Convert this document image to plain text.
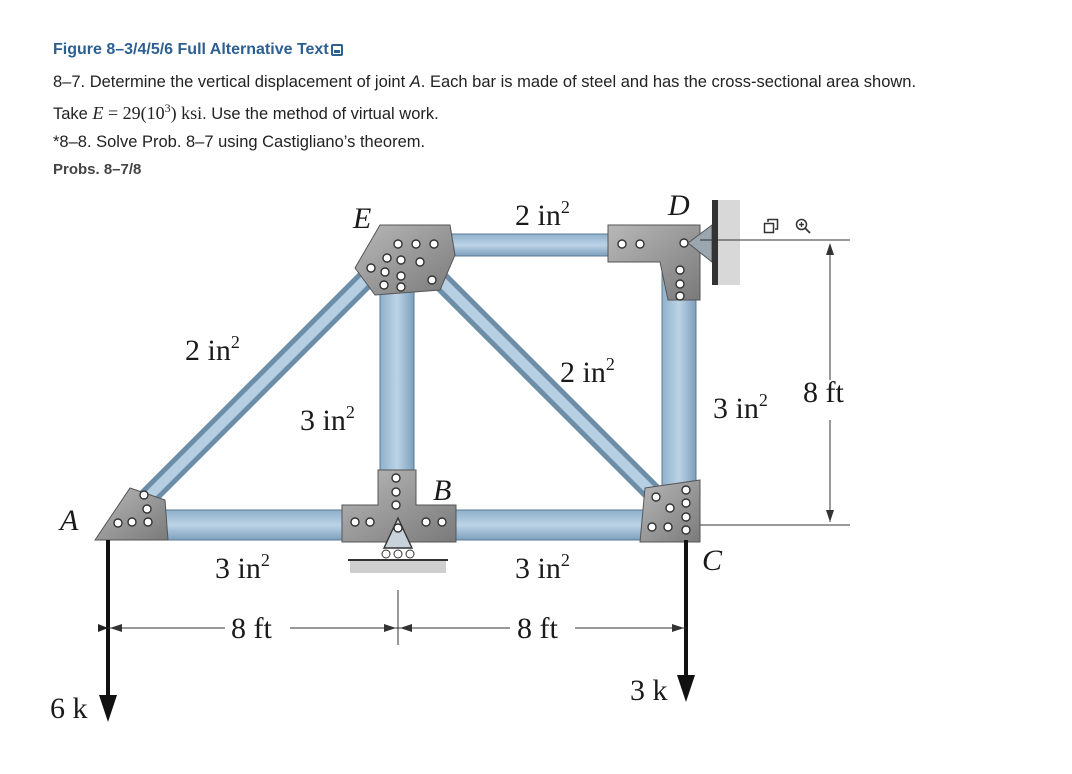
Figure 8–3/4/5/6 Full Alternative Text

8–7. Determine the vertical displacement of joint A. Each bar is made of steel and has the cross-sectional area shown.
Take $E = 29(10^3)$ ksi. Use the method of virtual work.

*8–8. Solve Prob. 8–7 using Castigliano’s theorem.

Probs. 8–7/8

E	D
A
B
C
2 $in^2$
2 $in^2$
3 $in^2$
2 $in^2$
3 $in^2$
3 $in^2$	3 $in^2$
8 ft	8 ft
8 ft
6 k
3 k
